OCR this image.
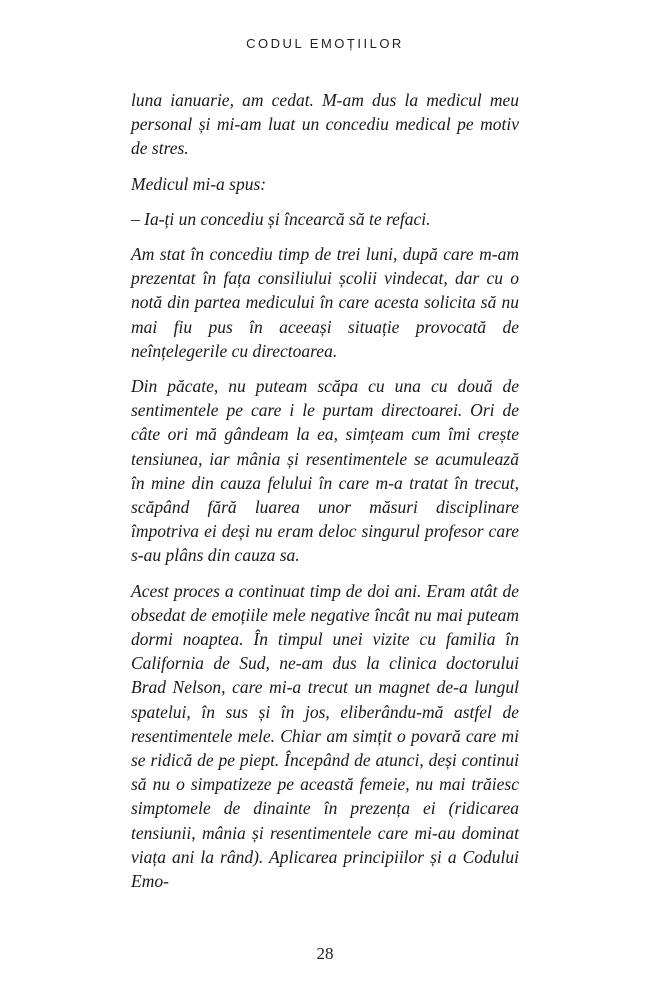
CODUL EMOȚIILOR

luna ianuarie, am cedat. M-am dus la medicul meu personal și mi-am luat un concediu medical pe motiv de stres.

Medicul mi-a spus:

– Ia-ți un concediu și încearcă să te refaci.

Am stat în concediu timp de trei luni, după care m-am prezentat în fața consiliului școlii vindecat, dar cu o notă din partea medicului în care acesta solicita să nu mai fiu pus în aceeași situație provocată de neînțelegerile cu directoarea.

Din păcate, nu puteam scăpa cu una cu două de sentimentele pe care i le purtam directoarei. Ori de câte ori mă gândeam la ea, simțeam cum îmi crește tensiunea, iar mânia și resentimentele se acumulează în mine din cauza felului în care m-a tratat în trecut, scăpând fără luarea unor măsuri disciplinare împotriva ei deși nu eram deloc singurul profesor care s-au plâns din cauza sa.

Acest proces a continuat timp de doi ani. Eram atât de obsedat de emoțiile mele negative încât nu mai puteam dormi noaptea. În timpul unei vizite cu familia în California de Sud, ne-am dus la clinica doctorului Brad Nelson, care mi-a trecut un magnet de-a lungul spatelui, în sus și în jos, eliberându-mă astfel de resentimentele mele. Chiar am simțit o povară care mi se ridică de pe piept. Începând de atunci, deși continui să nu o simpatizeze pe această femeie, nu mai trăiesc simptomele de dinainte în prezența ei (ridicarea tensiunii, mânia și resentimentele care mi-au dominat viața ani la rând). Aplicarea principiilor și a Codului Emo-

28
